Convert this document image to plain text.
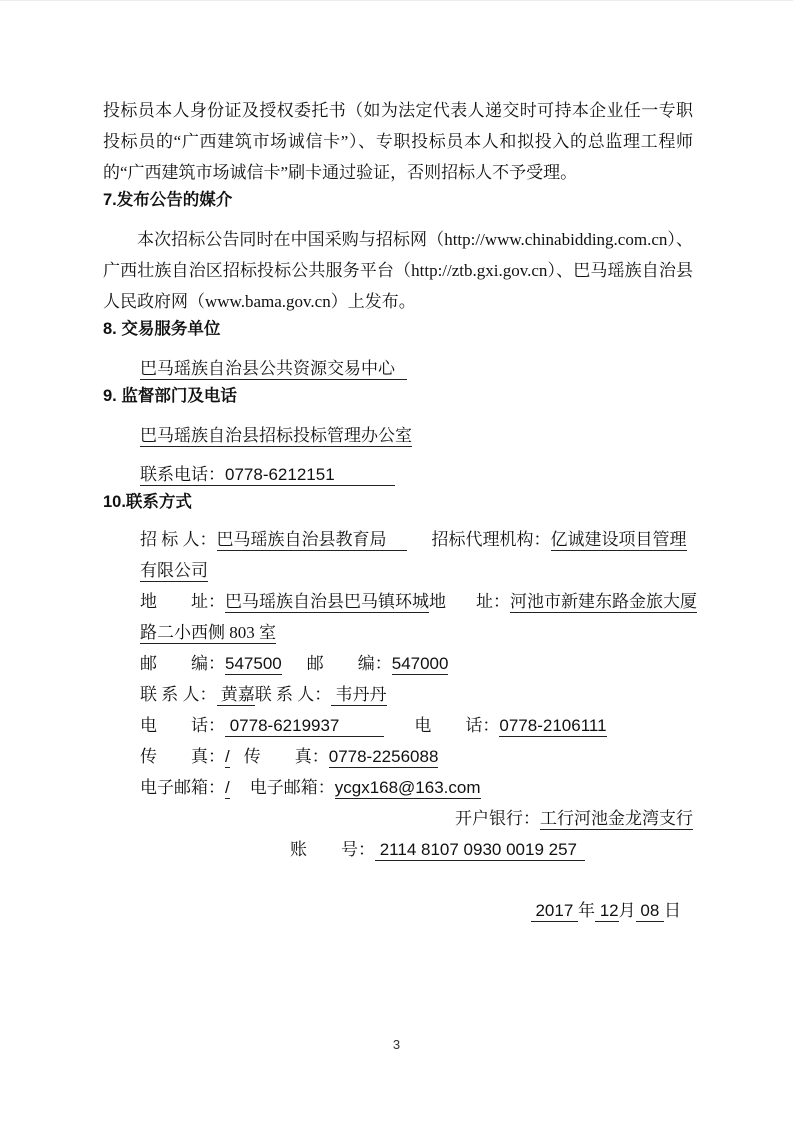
投标员本人身份证及授权委托书（如为法定代表人递交时可持本企业任一专职投标员的“广西建筑市场诚信卡”）、专职投标员本人和拟投入的总监理工程师的“广西建筑市场诚信卡”刷卡通过验证，否则招标人不予受理。

7.发布公告的媒介

本次招标公告同时在中国采购与招标网（http://www.chinabidding.com.cn）、广西壮族自治区招标投标公共服务平台（http://ztb.gxi.gov.cn）、巴马瑶族自治县人民政府网（www.bama.gov.cn）上发布。

8. 交易服务单位
巴马瑶族自治县公共资源交易中心
9. 监督部门及电话
巴马瑶族自治县招标投标管理办公室
联系电话：0778-6212151
10.联系方式
招 标 人：巴马瑶族自治县教育局	招标代理机构：亿诚建设项目管理
有限公司
地　　址：巴马瑶族自治县巴马镇环城地 址：河池市新建东路金旅大厦
路二小西侧 803 室
邮　　编：547500 邮　　编：547000
联 系 人： 黄嘉联 系 人： 韦丹丹
电　　话： 0778-6219937	电　　话：0778-2106111
传　　真：/ 传　　真：0778-2256088
电子邮箱：/ 电子邮箱：ycgx168@163.com
开户银行：工行河池金龙湾支行
账　　号： 2114 8107 0930 0019 257
2017 年 12月 08 日
3
